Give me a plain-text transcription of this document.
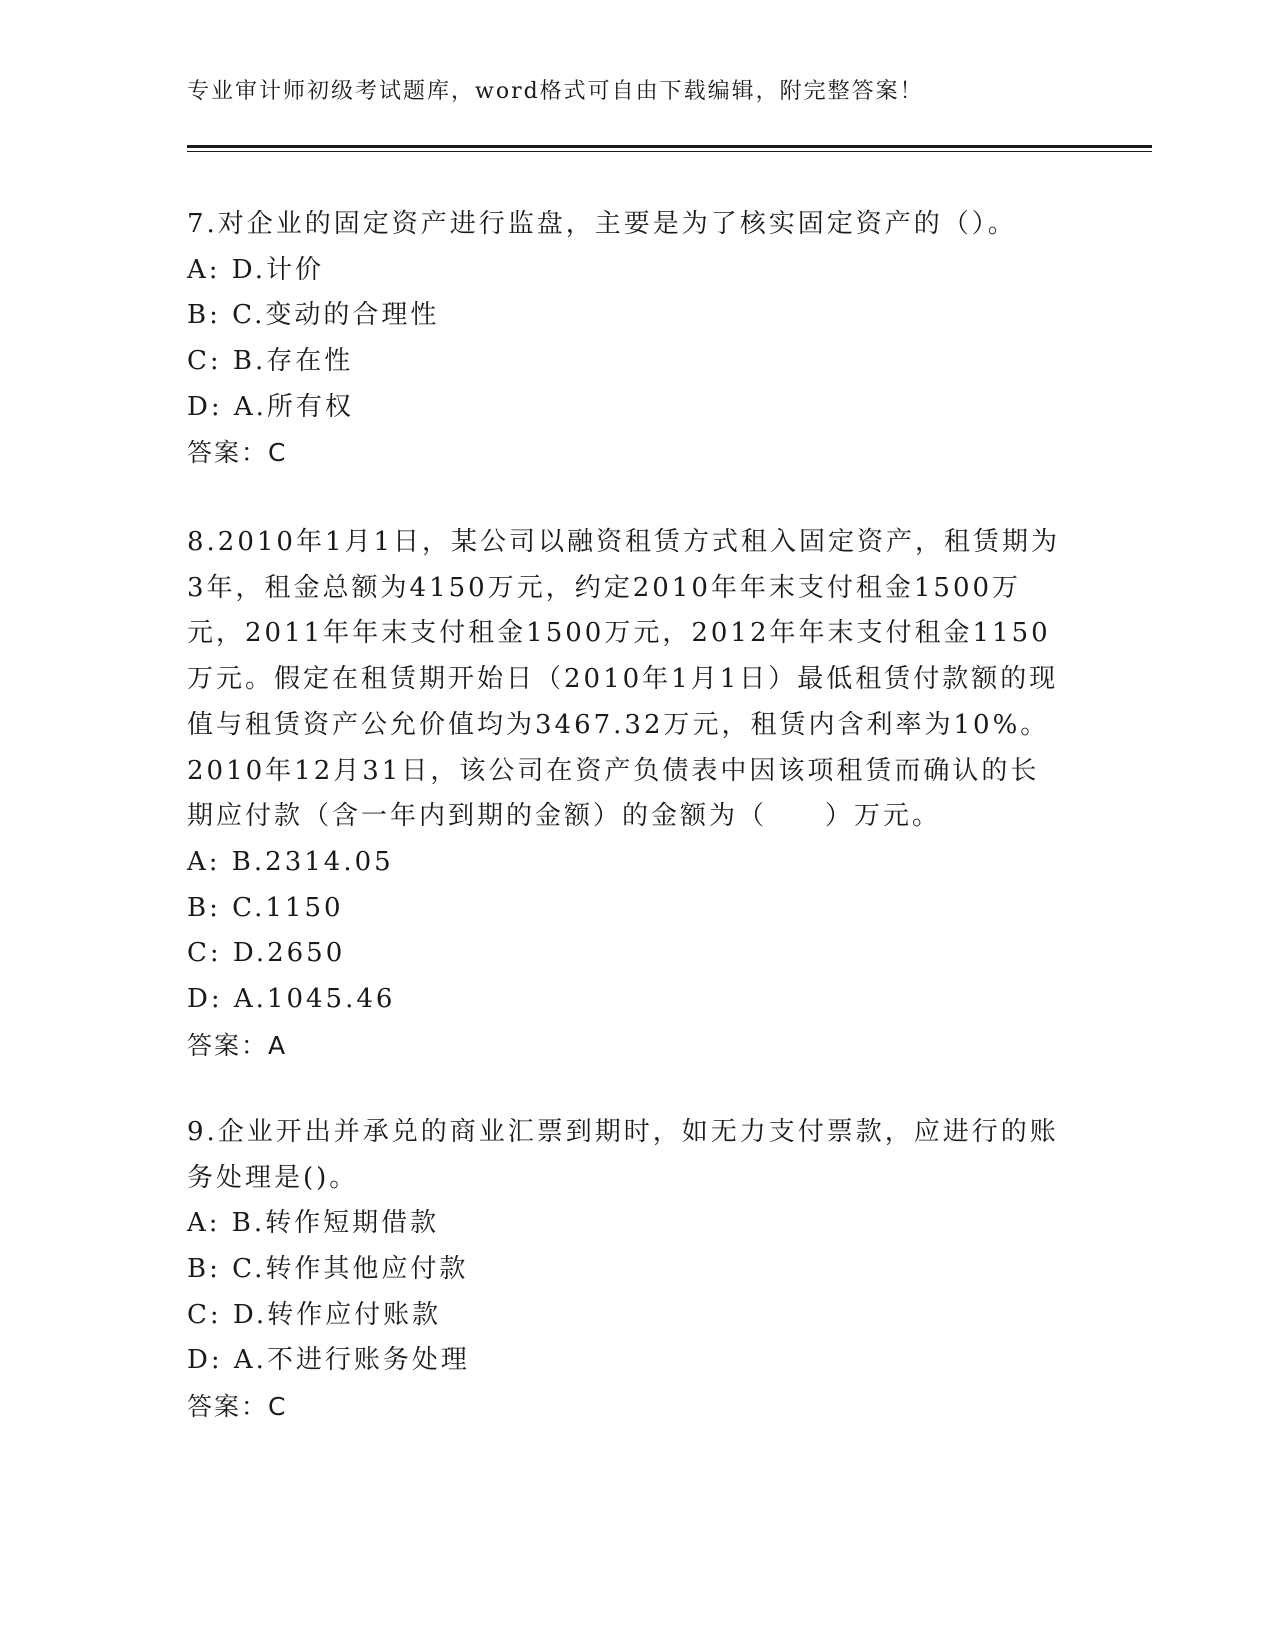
专业审计师初级考试题库，word格式可自由下载编辑，附完整答案！

7.对企业的固定资产进行监盘，主要是为了核实固定资产的（）。

A: D.计价
B: C.变动的合理性
C: B.存在性
D: A.所有权
答案：C

8.2010年1月1日，某公司以融资租赁方式租入固定资产，租赁期为3年，租金总额为4150万元，约定2010年年末支付租金1500万元，2011年年末支付租金1500万元，2012年年末支付租金1150万元。假定在租赁期开始日（2010年1月1日）最低租赁付款额的现值与租赁资产公允价值均为3467.32万元，租赁内含利率为10%。2010年12月31日，该公司在资产负债表中因该项租赁而确认的长期应付款（含一年内到期的金额）的金额为（　　）万元。

A: B.2314.05
B: C.1150
C: D.2650
D: A.1045.46
答案：A

9.企业开出并承兑的商业汇票到期时，如无力支付票款，应进行的账务处理是()。

A: B.转作短期借款
B: C.转作其他应付款
C: D.转作应付账款
D: A.不进行账务处理
答案：C
